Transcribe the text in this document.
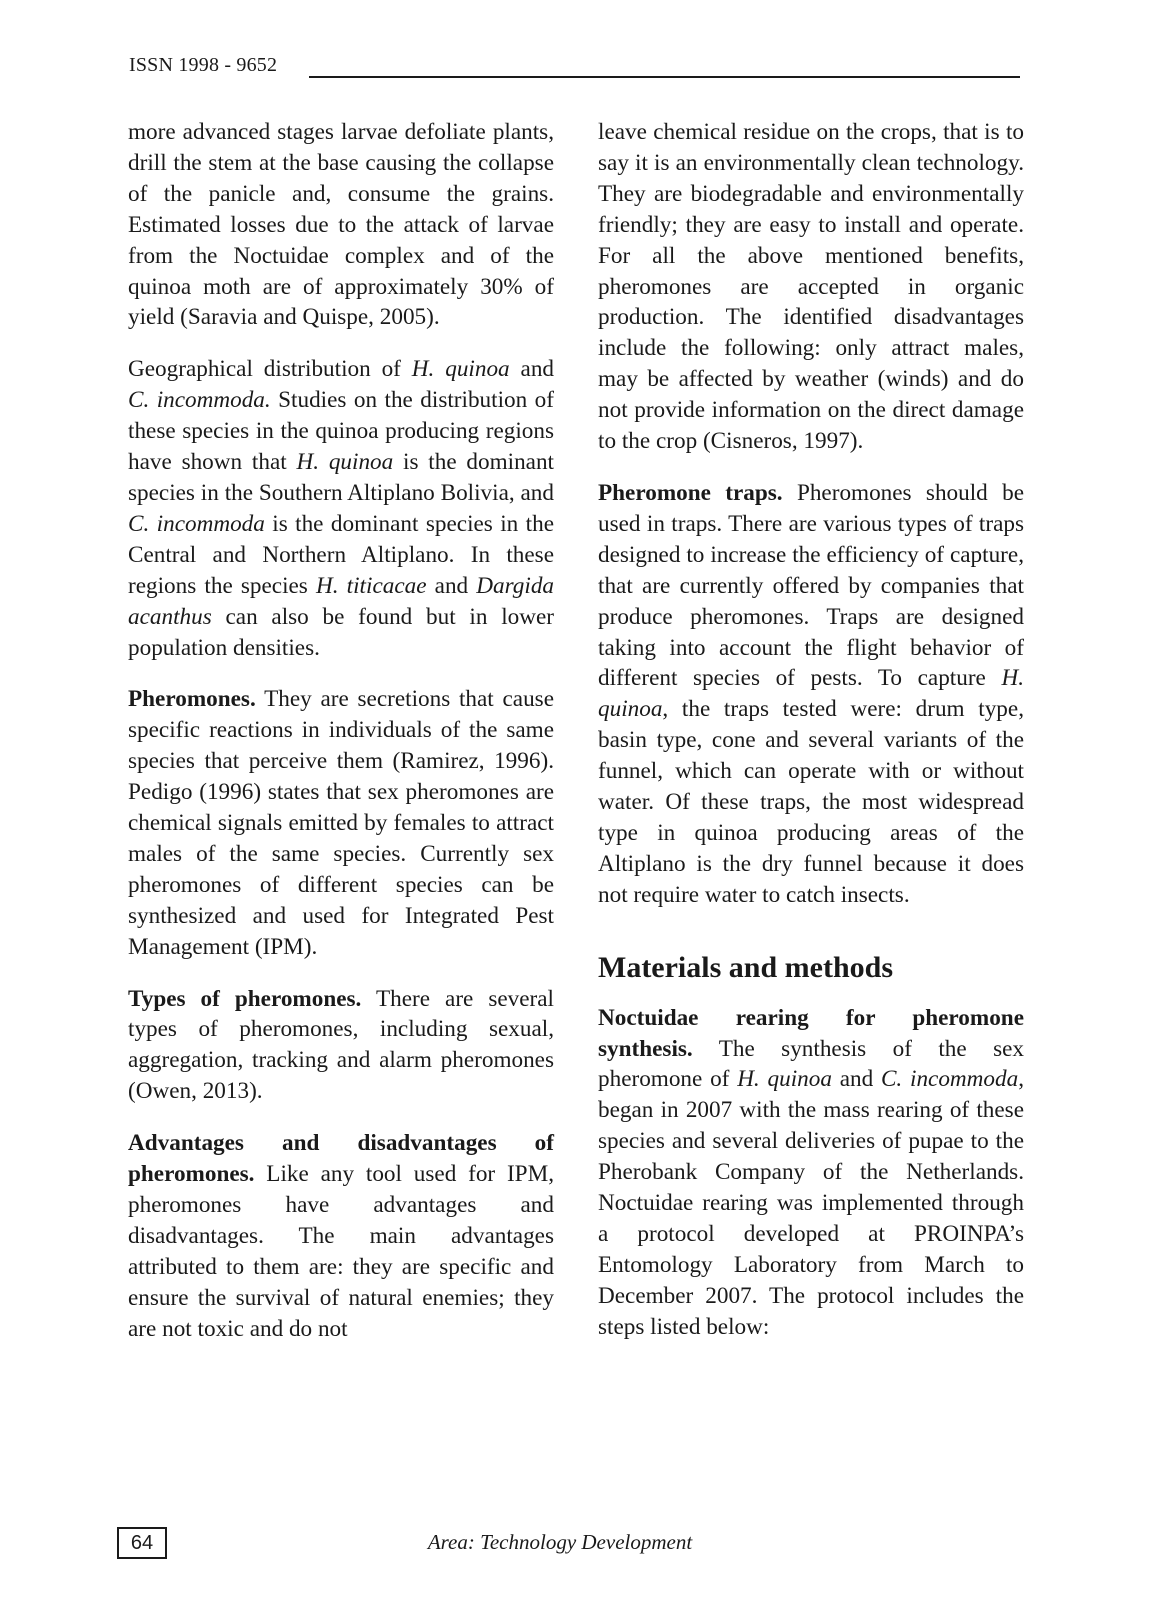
ISSN 1998 - 9652

more advanced stages larvae defoliate plants, drill the stem at the base causing the collapse of the panicle and, consume the grains. Estimated losses due to the attack of larvae from the Noctuidae complex and of the quinoa moth are of approximately 30% of yield (Saravia and Quispe, 2005).

Geographical distribution of H. quinoa and C. incommoda. Studies on the distribution of these species in the quinoa producing regions have shown that H. quinoa is the dominant species in the Southern Altiplano Bolivia, and C. incommoda is the dominant species in the Central and Northern Altiplano. In these regions the species H. titicacae and Dargida acanthus can also be found but in lower population densities.

Pheromones. They are secretions that cause specific reactions in individuals of the same species that perceive them (Ramirez, 1996). Pedigo (1996) states that sex pheromones are chemical signals emitted by females to attract males of the same species. Currently sex pheromones of different species can be synthesized and used for Integrated Pest Management (IPM).

Types of pheromones. There are several types of pheromones, including sexual, aggregation, tracking and alarm pheromones (Owen, 2013).

Advantages and disadvantages of pheromones. Like any tool used for IPM, pheromones have advantages and disadvantages. The main advantages attributed to them are: they are specific and ensure the survival of natural enemies; they are not toxic and do not

leave chemical residue on the crops, that is to say it is an environmentally clean technology. They are biodegradable and environmentally friendly; they are easy to install and operate. For all the above mentioned benefits, pheromones are accepted in organic production. The identified disadvantages include the following: only attract males, may be affected by weather (winds) and do not provide information on the direct damage to the crop (Cisneros, 1997).

Pheromone traps. Pheromones should be used in traps. There are various types of traps designed to increase the efficiency of capture, that are currently offered by companies that produce pheromones. Traps are designed taking into account the flight behavior of different species of pests. To capture H. quinoa, the traps tested were: drum type, basin type, cone and several variants of the funnel, which can operate with or without water. Of these traps, the most widespread type in quinoa producing areas of the Altiplano is the dry funnel because it does not require water to catch insects.

Materials and methods

Noctuidae rearing for pheromone synthesis. The synthesis of the sex pheromone of H. quinoa and C. incommoda, began in 2007 with the mass rearing of these species and several deliveries of pupae to the Pherobank Company of the Netherlands. Noctuidae rearing was implemented through a protocol developed at PROINPA’s Entomology Laboratory from March to December 2007. The protocol includes the steps listed below:

64	Area: Technology Development
